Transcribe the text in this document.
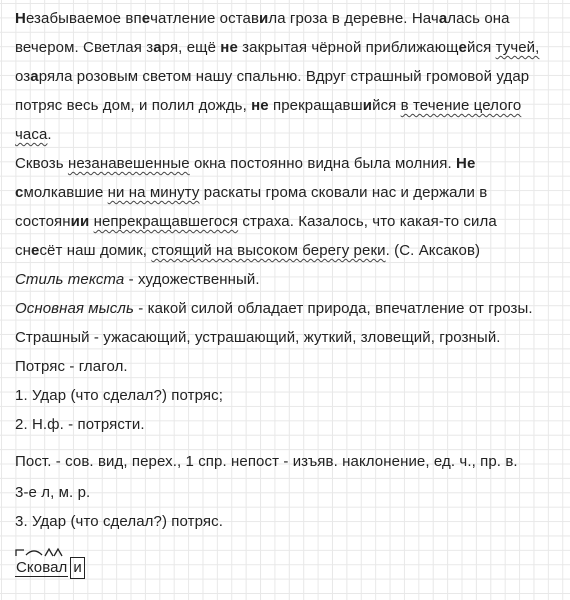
Незабываемое впечатление оставила гроза в деревне. Началась она
вечером. Светлая заря, ещё не закрытая чёрной приближающейся тучей,
озаряла розовым светом нашу спальню. Вдруг страшный громовой удар
потряс весь дом, и полил дождь, не прекращавшийся в течение целого
часа.
Сквозь незанавешенные окна постоянно видна была молния. Не
смолкавшие ни на минуту раскаты грома сковали нас и держали в
состоянии непрекращавшегося страха. Казалось, что какая-то сила
снесёт наш домик, стоящий на высоком берегу реки. (С. Аксаков)
Стиль текста - художественный.
Основная мысль - какой силой обладает природа, впечатление от грозы.
Страшный - ужасающий, устрашающий, жуткий, зловещий, грозный.
Потряс - глагол.
1. Удар (что сделал?) потряс;
2. Н.ф. - потрясти.
Пост. - сов. вид, перех., 1 спр. непост - изъяв. наклонение, ед. ч., пр. в.
3-е л, м. р.
3. Удар (что сделал?) потряс.
Сковал и
